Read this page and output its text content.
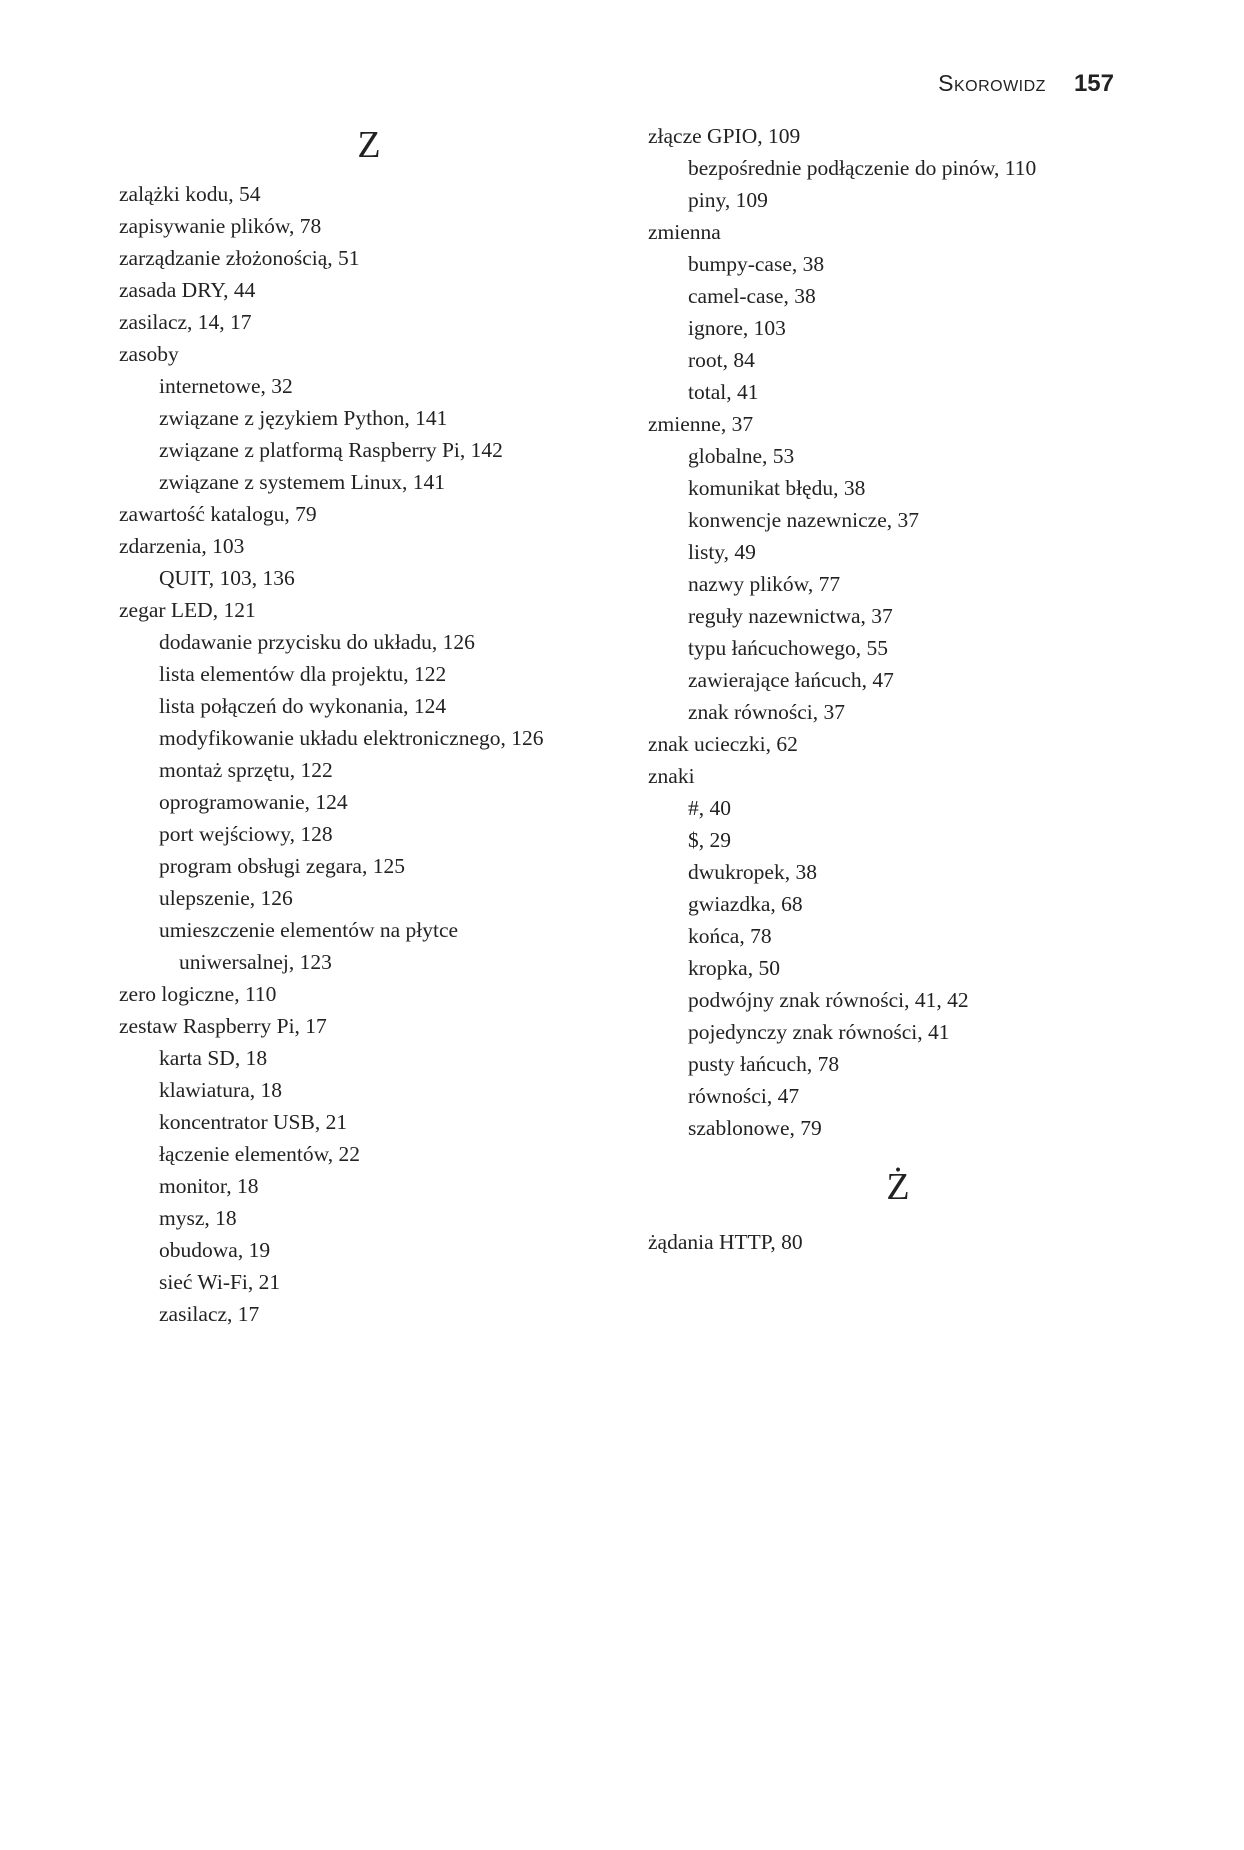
Skorowidz 157
Z
zalążki kodu, 54
zapisywanie plików, 78
zarządzanie złożonością, 51
zasada DRY, 44
zasilacz, 14, 17
zasoby
internetowe, 32
związane z językiem Python, 141
związane z platformą Raspberry Pi, 142
związane z systemem Linux, 141
zawartość katalogu, 79
zdarzenia, 103
QUIT, 103, 136
zegar LED, 121
dodawanie przycisku do układu, 126
lista elementów dla projektu, 122
lista połączeń do wykonania, 124
modyfikowanie układu elektronicznego, 126
montaż sprzętu, 122
oprogramowanie, 124
port wejściowy, 128
program obsługi zegara, 125
ulepszenie, 126
umieszczenie elementów na płytce
uniwersalnej, 123
zero logiczne, 110
zestaw Raspberry Pi, 17
karta SD, 18
klawiatura, 18
koncentrator USB, 21
łączenie elementów, 22
monitor, 18
mysz, 18
obudowa, 19
sieć Wi-Fi, 21
zasilacz, 17
złącze GPIO, 109
bezpośrednie podłączenie do pinów, 110
piny, 109
zmienna
bumpy-case, 38
camel-case, 38
ignore, 103
root, 84
total, 41
zmienne, 37
globalne, 53
komunikat błędu, 38
konwencje nazewnicze, 37
listy, 49
nazwy plików, 77
reguły nazewnictwa, 37
typu łańcuchowego, 55
zawierające łańcuch, 47
znak równości, 37
znak ucieczki, 62
znaki
#, 40
$, 29
dwukropek, 38
gwiazdka, 68
końca, 78
kropka, 50
podwójny znak równości, 41, 42
pojedynczy znak równości, 41
pusty łańcuch, 78
równości, 47
szablonowe, 79
Ż
żądania HTTP, 80
